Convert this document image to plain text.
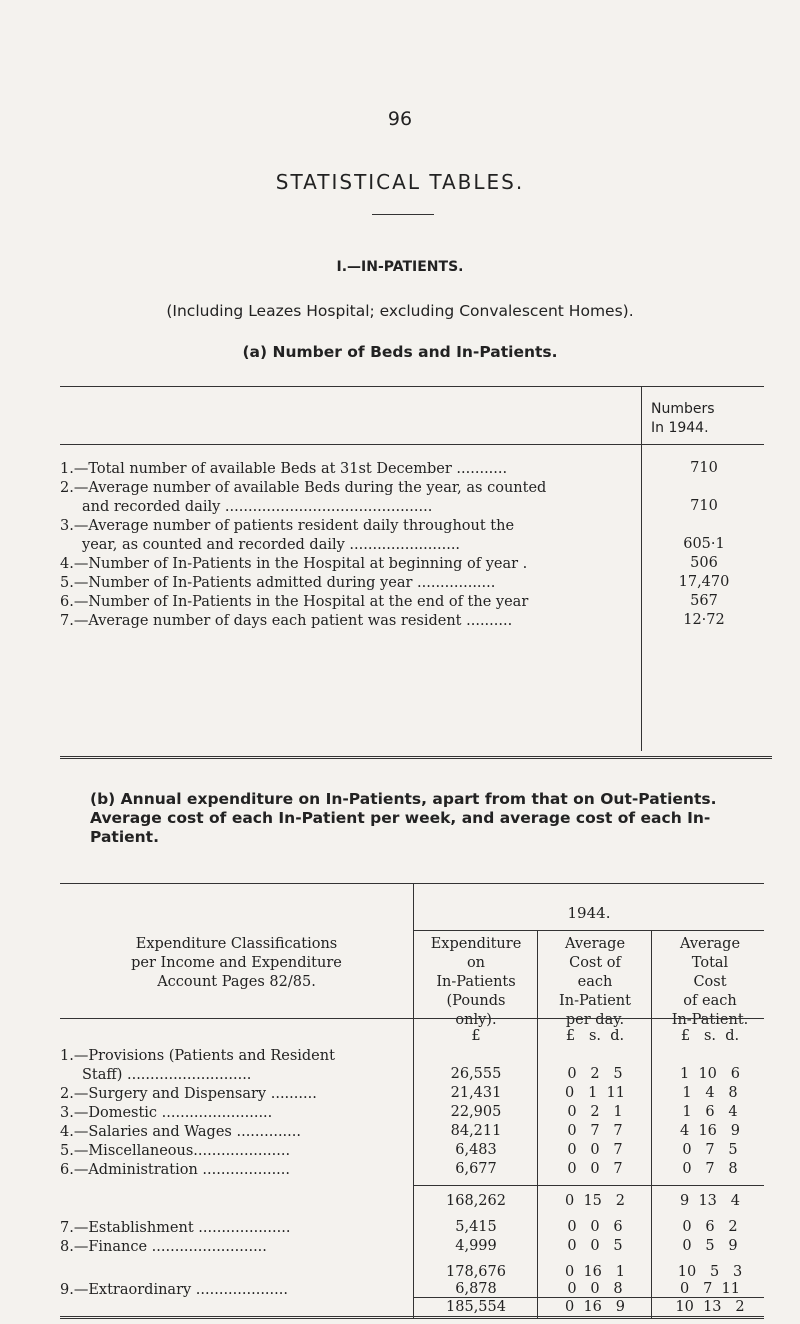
96
STATISTICAL TABLES.
I.—IN-PATIENTS.
(Including Leazes Hospital; excluding Convalescent Homes).
(a) Number of Beds and In-Patients.
Numbers
In 1944.
1.—Total number of available Beds at 31st December ...........	710
2.—Average number of available Beds during the year, as counted
and recorded daily .............................................	710
3.—Average number of patients resident daily throughout the
year, as counted and recorded daily ........................	605·1
4.—Number of In-Patients in the Hospital at beginning of year .	506
5.—Number of In-Patients admitted during year .................	17,470
6.—Number of In-Patients in the Hospital at the end of the year	567
7.—Average number of days each patient was resident ..........	12·72
(b) Annual expenditure on In-Patients, apart from that on Out-Patients. Average cost of each In-Patient per week, and average cost of each In-Patient.
1944.
Expenditure Classifications
per Income and Expenditure
Account Pages 82/85.
Expenditure
on
In-Patients
(Pounds
only).
Average
Cost of
each
In-Patient
per day.
Average
Total
Cost
of each
In-Patient.
£	£   s.  d.	£   s.  d.
1.—Provisions (Patients and Resident
Staff) ...........................	26,555	0   2   5	1  10   6
2.—Surgery and Dispensary ..........	21,431	0   1  11	1   4   8
3.—Domestic ........................	22,905	0   2   1	1   6   4
4.—Salaries and Wages ..............	84,211	0   7   7	4  16   9
5.—Miscellaneous.....................	6,483	0   0   7	0   7   5
6.—Administration ...................	6,677	0   0   7	0   7   8
168,262	0  15   2	9  13   4
7.—Establishment ....................	5,415	0   0   6	0   6   2
8.—Finance .........................	4,999	0   0   5	0   5   9
178,676	0  16   1	10   5   3
9.—Extraordinary ....................	6,878	0   0   8	0   7  11
185,554	0  16   9	10  13   2
